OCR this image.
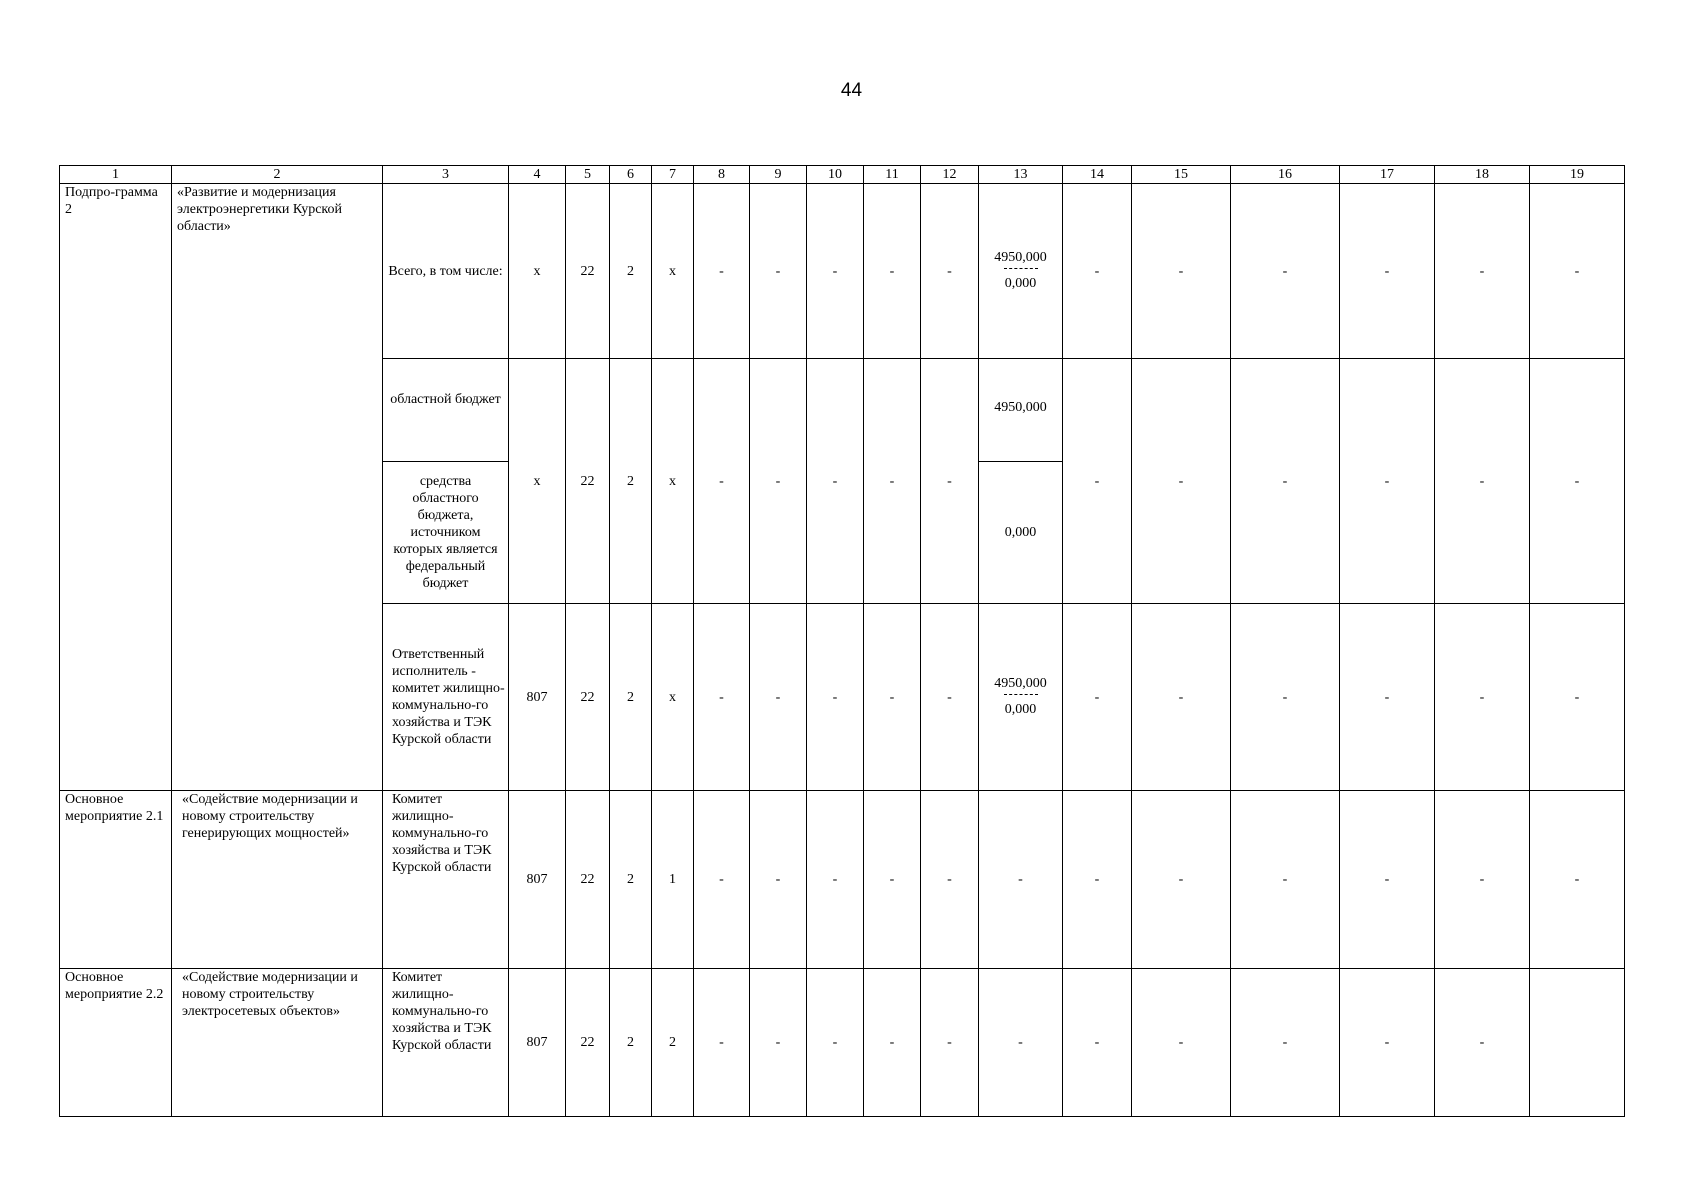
44
1	2	3	4	5	6	7	8	9	10	11	12	13	14	15	16	17	18	19
Подпро-грамма 2	«Развитие и модернизация электроэнергетики Курской области»	Всего, в том числе:	x	22	2	x	-	-	-	-	-	$\frac{4950,000}{0,000}$	-	-	-	-	-	-
		областной бюджет	x	22	2	x	-	-	-	-	-	4950,000	-	-	-	-	-	-
		средства областного бюджета, источником которых является федеральный бюджет										0,000						
		Ответственный исполнитель - комитет жилищно-коммунально-го хозяйства и ТЭК Курской области	807	22	2	x	-	-	-	-	-	$\frac{4950,000}{0,000}$	-	-	-	-	-	-
Основное мероприятие 2.1	«Содействие модернизации и новому строительству генерирующих мощностей»	Комитет жилищно-коммунально-го хозяйства и ТЭК Курской области	807	22	2	1	-	-	-	-	-	-	-	-	-	-	-	-
Основное мероприятие 2.2	«Содействие модернизации и новому строительству электросетевых объектов»	Комитет жилищно-коммунально-го хозяйства и ТЭК Курской области	807	22	2	2	-	-	-	-	-	-	-	-	-	-	-	
